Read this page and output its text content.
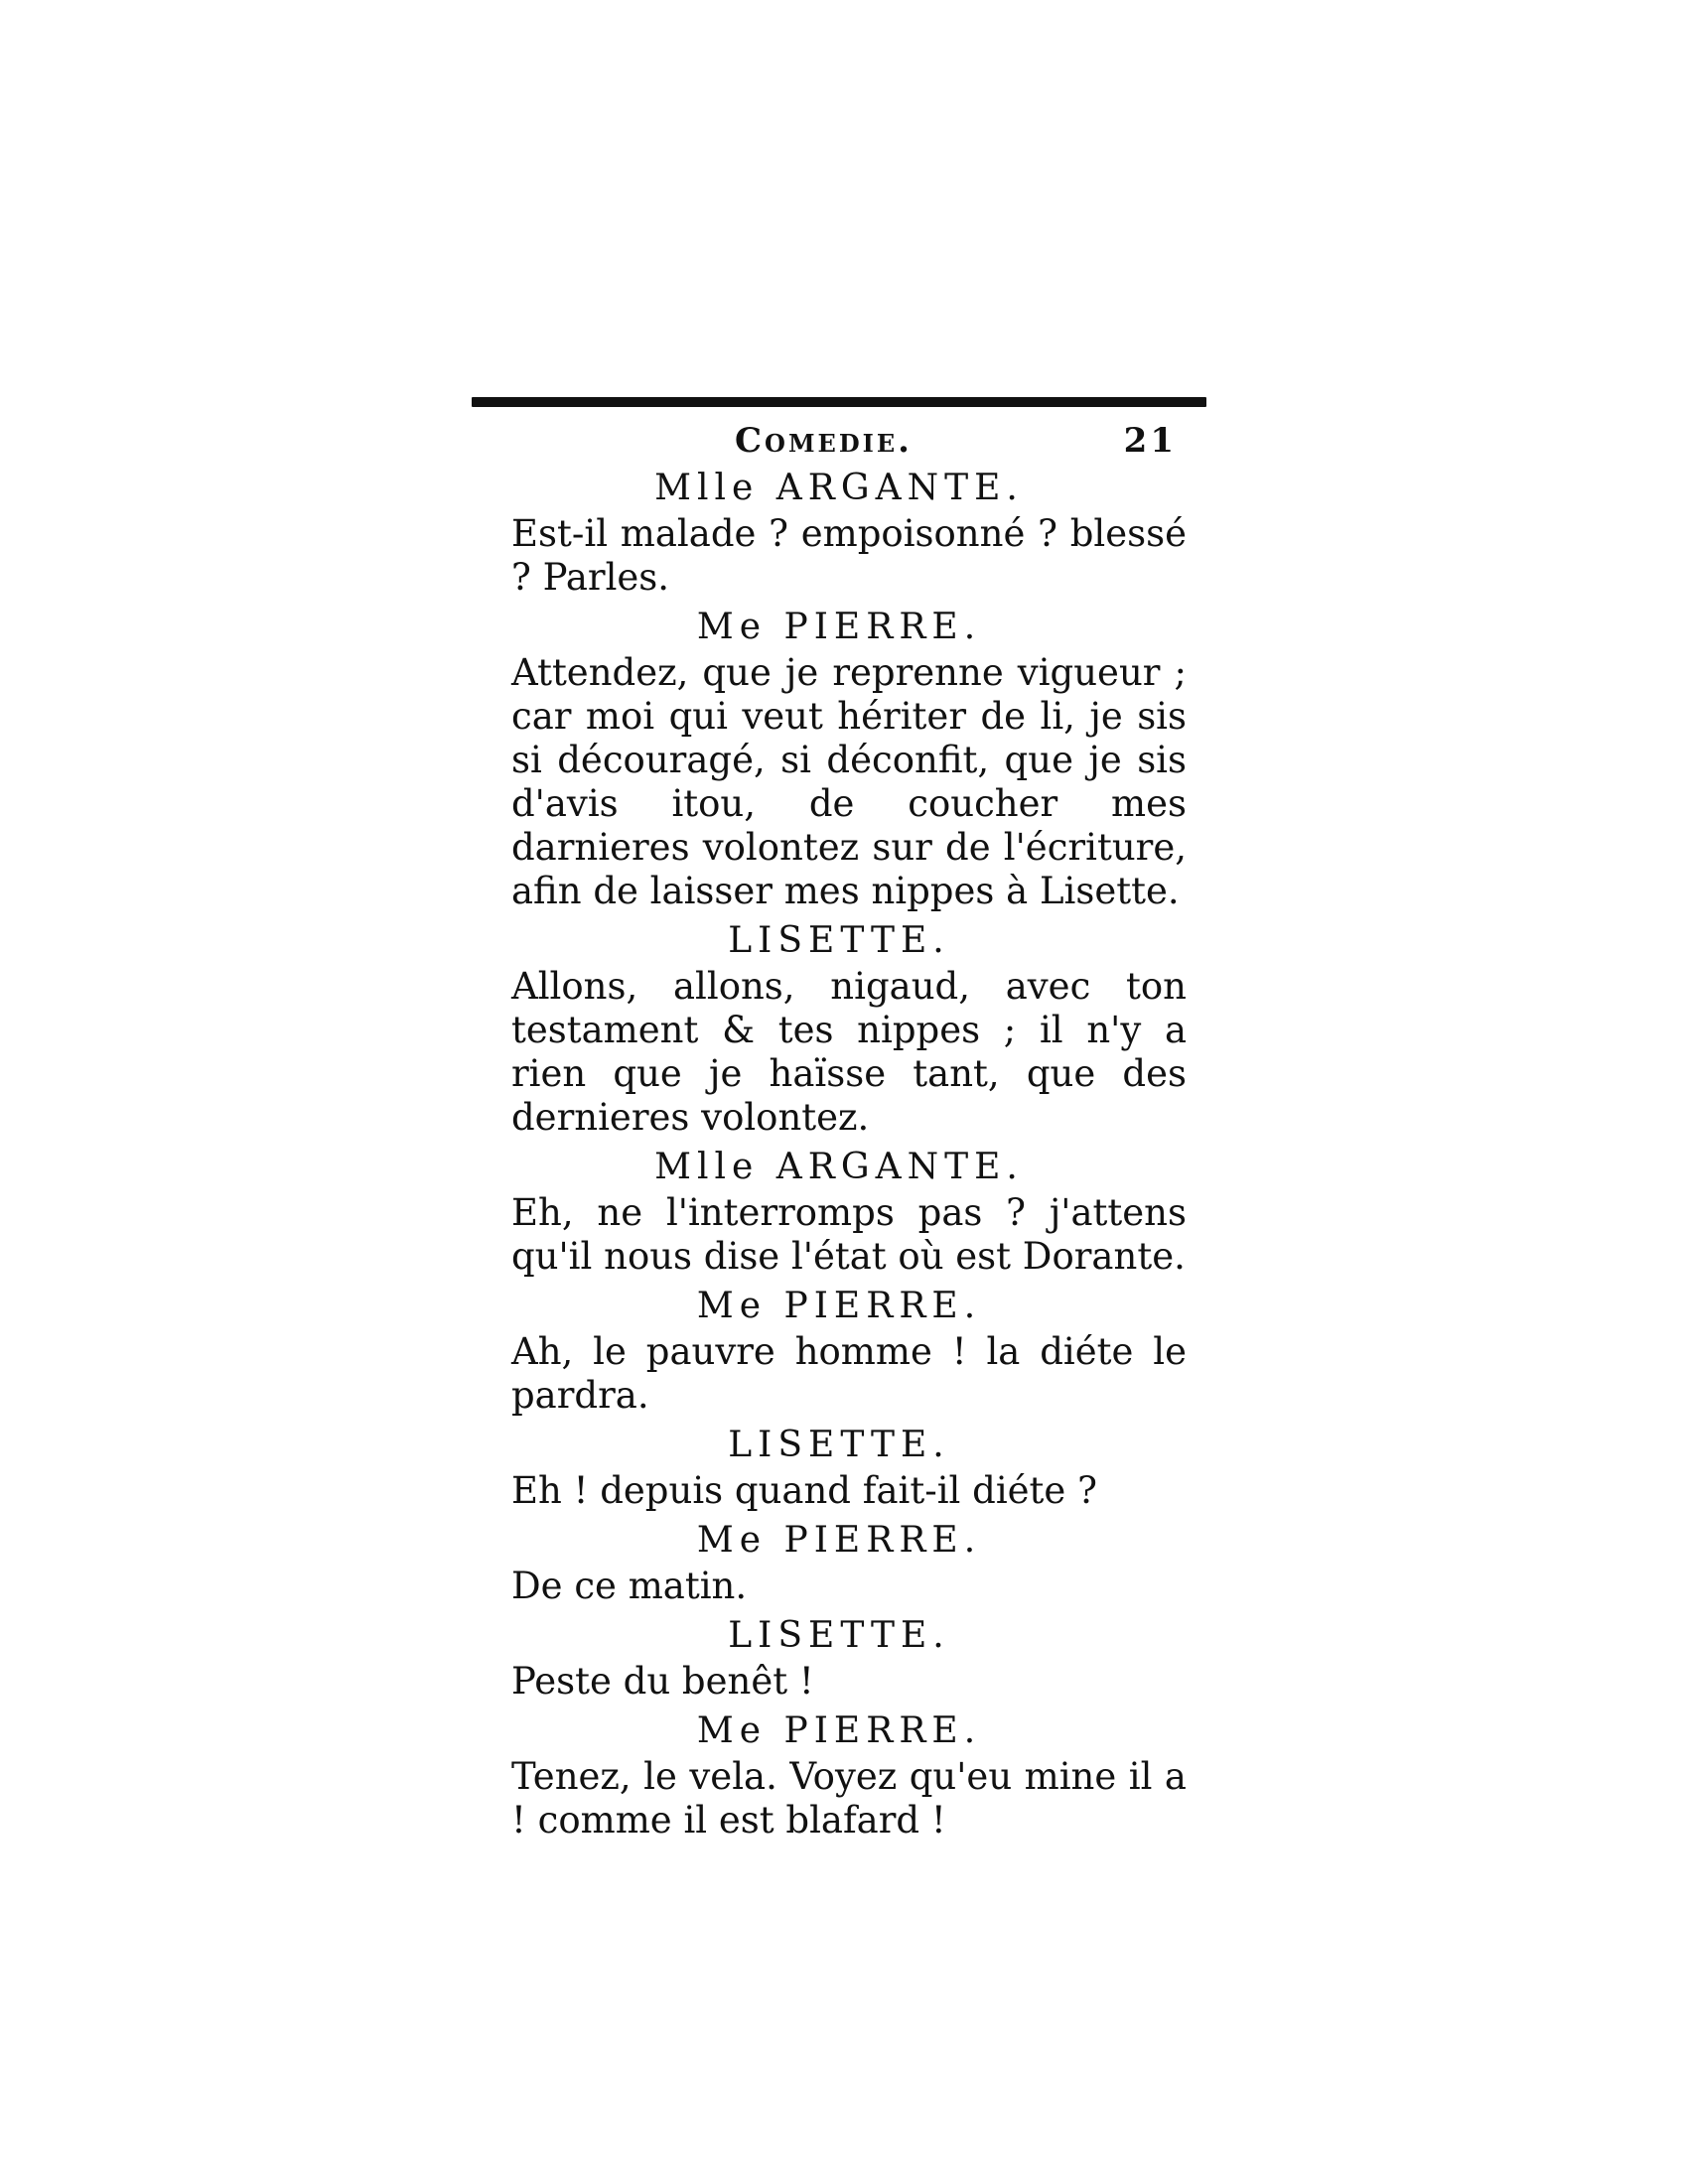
Comedie.	21
Mlle ARGANTE.
Est-il malade ? empoisonné ? blessé ? Parles.
Me PIERRE.
Attendez, que je reprenne vigueur ; car moi qui veut hériter de li, je sis si découragé, si déconfit, que je sis d'avis itou, de coucher mes darnieres volontez sur de l'écriture, afin de laisser mes nippes à Lisette.
LISETTE.
Allons, allons, nigaud, avec ton testament & tes nippes ; il n'y a rien que je haïsse tant, que des dernieres volontez.
Mlle ARGANTE.
Eh, ne l'interromps pas ? j'attens qu'il nous dise l'état où est Dorante.
Me PIERRE.
Ah, le pauvre homme ! la diéte le pardra.
LISETTE.
Eh ! depuis quand fait-il diéte ?
Me PIERRE.
De ce matin.
LISETTE.
Peste du benêt !
Me PIERRE.
Tenez, le vela. Voyez qu'eu mine il a ! comme il est blafard !
